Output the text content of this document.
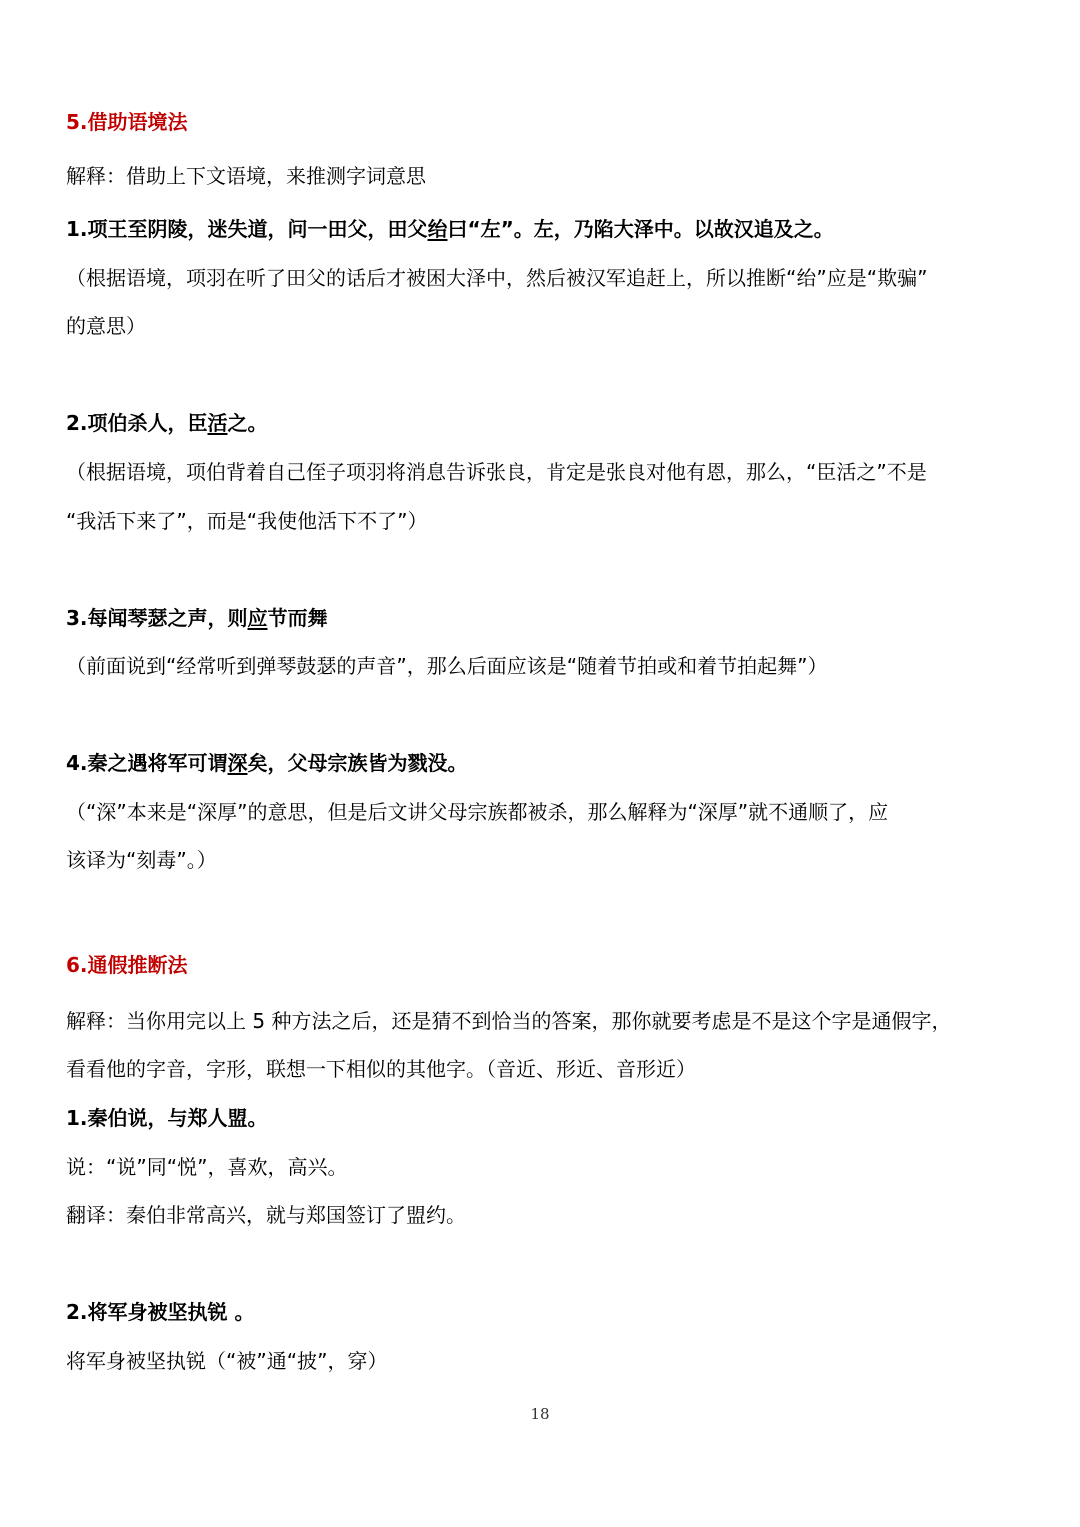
5.借助语境法

解释：借助上下文语境，来推测字词意思

1.项王至阴陵，迷失道，问一田父，田父绐曰“左”。左，乃陷大泽中。以故汉追及之。

（根据语境，项羽在听了田父的话后才被困大泽中，然后被汉军追赶上，所以推断“绐”应是“欺骗”

的意思）

2.项伯杀人，臣活之。

（根据语境，项伯背着自己侄子项羽将消息告诉张良，肯定是张良对他有恩，那么，“臣活之”不是

“我活下来了”，而是“我使他活下不了”）

3.每闻琴瑟之声，则应节而舞

（前面说到“经常听到弹琴鼓瑟的声音”，那么后面应该是“随着节拍或和着节拍起舞”）

4.秦之遇将军可谓深矣，父母宗族皆为戮没。

（“深”本来是“深厚”的意思，但是后文讲父母宗族都被杀，那么解释为“深厚”就不通顺了，应

该译为“刻毒”。）

6.通假推断法

解释：当你用完以上 5 种方法之后，还是猜不到恰当的答案，那你就要考虑是不是这个字是通假字，

看看他的字音，字形，联想一下相似的其他字。（音近、形近、音形近）

1.秦伯说，与郑人盟。

说：“说”同“悦”，喜欢，高兴。

翻译：秦伯非常高兴，就与郑国签订了盟约。

2.将军身被坚执锐 。

将军身被坚执锐（“被”通“披”，穿）

18
